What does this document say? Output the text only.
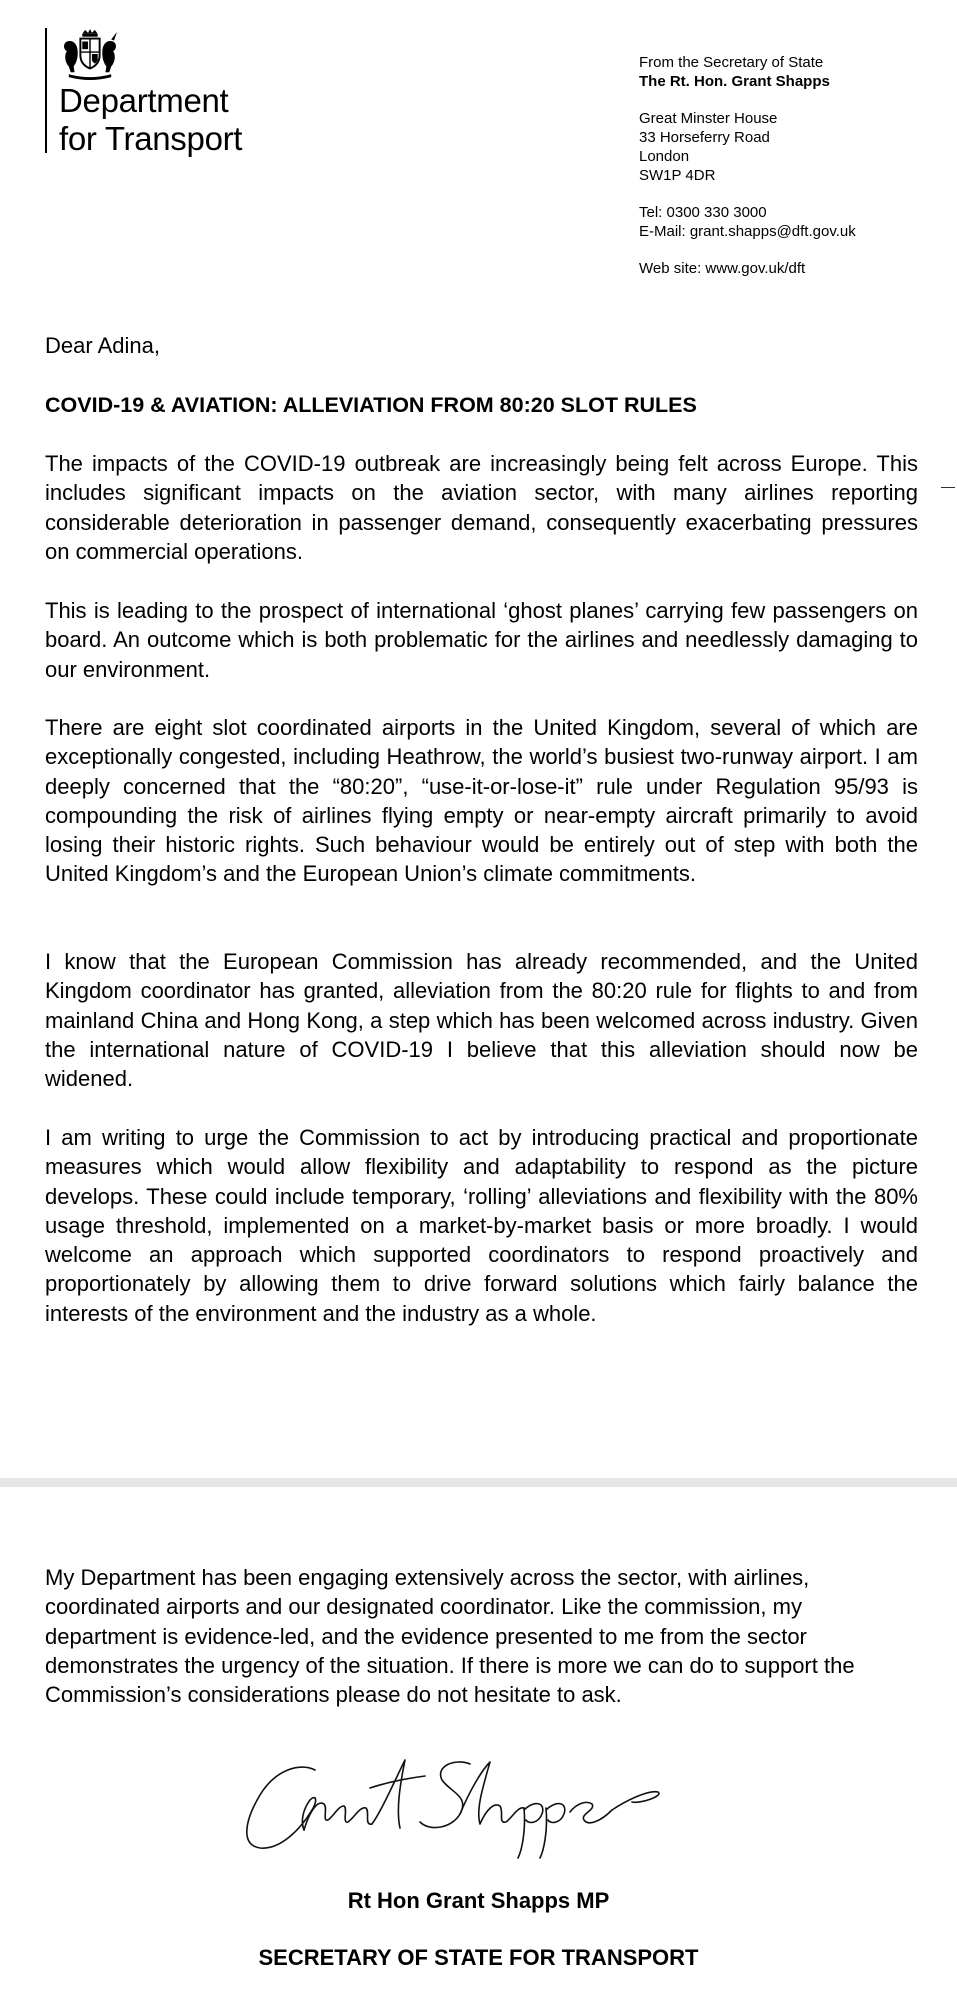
Department
for Transport
From the Secretary of State
The Rt. Hon. Grant Shapps
Great Minster House
33 Horseferry Road
London
SW1P 4DR
Tel: 0300 330 3000
E-Mail: grant.shapps@dft.gov.uk
Web site: www.gov.uk/dft
Dear Adina,
COVID-19 & AVIATION: ALLEVIATION FROM 80:20 SLOT RULES

The impacts of the COVID-19 outbreak are increasingly being felt across Europe. This includes significant impacts on the aviation sector, with many airlines reporting considerable deterioration in passenger demand, consequently exacerbating pressures on commercial operations.

This is leading to the prospect of international ‘ghost planes’ carrying few passengers on board. An outcome which is both problematic for the airlines and needlessly damaging to our environment.

There are eight slot coordinated airports in the United Kingdom, several of which are exceptionally congested, including Heathrow, the world’s busiest two-runway airport. I am deeply concerned that the “80:20”, “use-it-or-lose-it” rule under Regulation 95/93 is compounding the risk of airlines flying empty or near-empty aircraft primarily to avoid losing their historic rights. Such behaviour would be entirely out of step with both the United Kingdom’s and the European Union’s climate commitments.

I know that the European Commission has already recommended, and the United Kingdom coordinator has granted, alleviation from the 80:20 rule for flights to and from mainland China and Hong Kong, a step which has been welcomed across industry. Given the international nature of COVID-19 I believe that this alleviation should now be widened.

I am writing to urge the Commission to act by introducing practical and proportionate measures which would allow flexibility and adaptability to respond as the picture develops. These could include temporary, ‘rolling’ alleviations and flexibility with the 80% usage threshold, implemented on a market-by-market basis or more broadly. I would welcome an approach which supported coordinators to respond proactively and proportionately by allowing them to drive forward solutions which fairly balance the interests of the environment and the industry as a whole.

My Department has been engaging extensively across the sector, with airlines, coordinated airports and our designated coordinator. Like the commission, my department is evidence-led, and the evidence presented to me from the sector demonstrates the urgency of the situation. If there is more we can do to support the Commission’s considerations please do not hesitate to ask.

Rt Hon Grant Shapps MP
SECRETARY OF STATE FOR TRANSPORT
